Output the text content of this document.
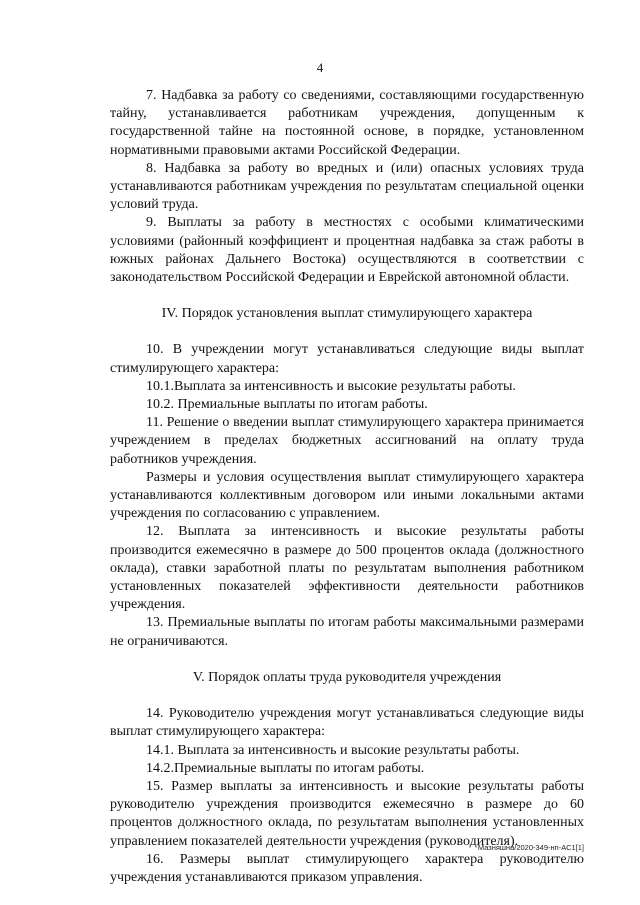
4

7. Надбавка за работу со сведениями, составляющими государственную тайну, устанавливается работникам учреждения, допущенным к государственной тайне на постоянной основе, в порядке, установленном нормативными правовыми актами Российской Федерации.

8. Надбавка за работу во вредных и (или) опасных условиях труда устанавливаются работникам учреждения по результатам специальной оценки условий труда.

9. Выплаты за работу в местностях с особыми климатическими условиями (районный коэффициент и процентная надбавка за стаж работы в южных районах Дальнего Востока) осуществляются в соответствии с законодательством Российской Федерации и Еврейской автономной области.

IV. Порядок установления выплат стимулирующего характера

10. В учреждении могут устанавливаться следующие виды выплат стимулирующего характера:

10.1.Выплата за интенсивность и высокие результаты работы.

10.2. Премиальные выплаты по итогам работы.

11. Решение о введении выплат стимулирующего характера принимается учреждением в пределах бюджетных ассигнований на оплату труда работников учреждения.

Размеры и условия осуществления выплат стимулирующего характера устанавливаются коллективным договором или иными локальными актами учреждения по согласованию с управлением.

12. Выплата за интенсивность и высокие результаты работы производится ежемесячно в размере до 500 процентов оклада (должностного оклада), ставки заработной платы по результатам выполнения работником установленных показателей эффективности деятельности работников учреждения.

13. Премиальные выплаты по итогам работы максимальными размерами не ограничиваются.

V. Порядок оплаты труда руководителя учреждения

14. Руководителю учреждения могут устанавливаться следующие виды выплат стимулирующего характера:

14.1. Выплата за интенсивность и высокие результаты работы.

14.2.Премиальные выплаты по итогам работы.

15. Размер выплаты за интенсивность и высокие результаты работы руководителю учреждения производится ежемесячно в размере до 60 процентов должностного оклада, по результатам выполнения установленных управлением показателей деятельности учреждения (руководителя).

16. Размеры выплат стимулирующего характера руководителю учреждения устанавливаются приказом управления.

Мазняшна/2020-349-нп-АС1[1]
